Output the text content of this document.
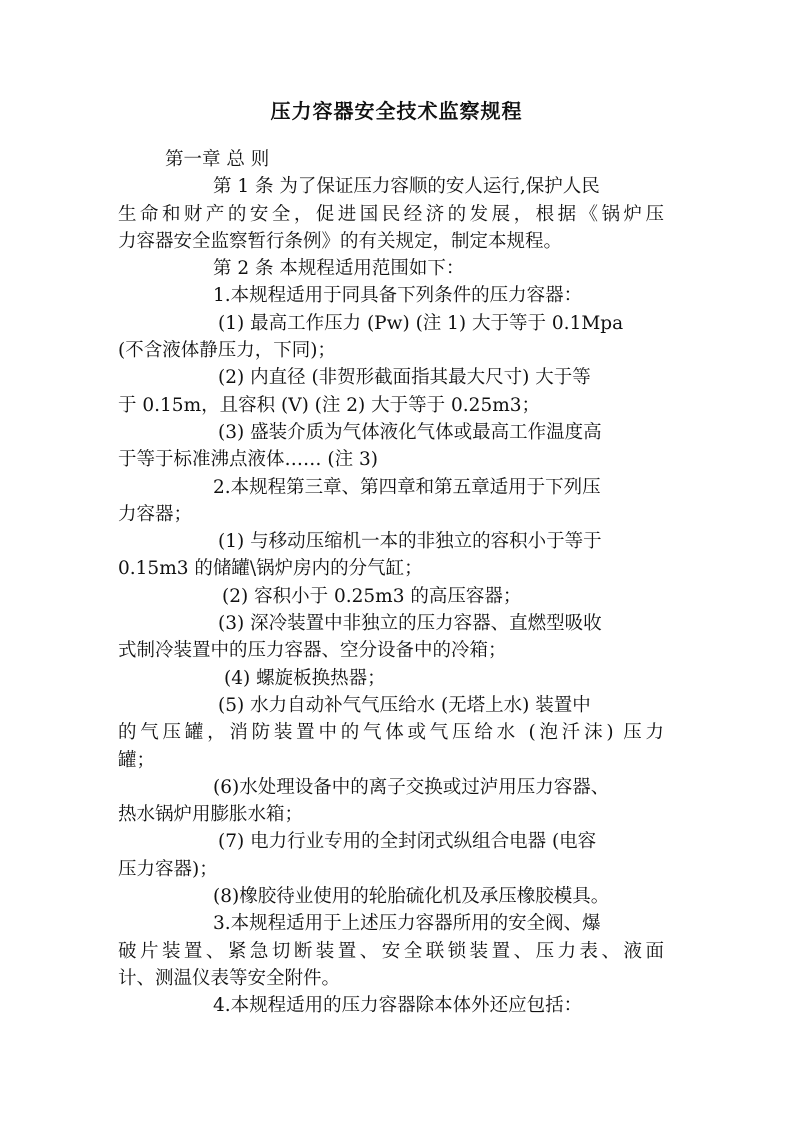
压力容器安全技术监察规程
第一章 总 则
第 1 条 为了保证压力容顺的安人运行,保护人民
生命和财产的安全，促进国民经济的发展，根据《锅炉压
力容器安全监察暂行条例》的有关规定，制定本规程。
第 2 条 本规程适用范围如下：
1.本规程适用于同具备下列条件的压力容器：
(1) 最高工作压力 (Pw) (注 1) 大于等于 0.1Mpa
(不含液体静压力，下同)；
(2) 内直径 (非贺形截面指其最大尺寸) 大于等
于 0.15m，且容积 (V) (注 2) 大于等于 0.25m3；
(3) 盛装介质为气体液化气体或最高工作温度高
于等于标准沸点液体…… (注 3)
2.本规程第三章、第四章和第五章适用于下列压
力容器；
(1) 与移动压缩机一本的非独立的容积小于等于
0.15m3 的储罐\锅炉房内的分气缸；
(2) 容积小于 0.25m3 的高压容器；
(3) 深冷装置中非独立的压力容器、直燃型吸收
式制冷装置中的压力容器、空分设备中的冷箱；
(4) 螺旋板换热器；
(5) 水力自动补气气压给水 (无塔上水) 装置中
的气压罐，消防装置中的气体或气压给水 (泡汘沫) 压力
罐；
(6)水处理设备中的离子交换或过泸用压力容器、
热水锅炉用膨胀水箱；
(7) 电力行业专用的全封闭式纵组合电器 (电容
压力容器)；
(8)橡胶待业使用的轮胎硫化机及承压橡胶模具。
3.本规程适用于上述压力容器所用的安全阀、爆
破片装置、紧急切断装置、安全联锁装置、压力表、液面
计、测温仪表等安全附件。
4.本规程适用的压力容器除本体外还应包括：
